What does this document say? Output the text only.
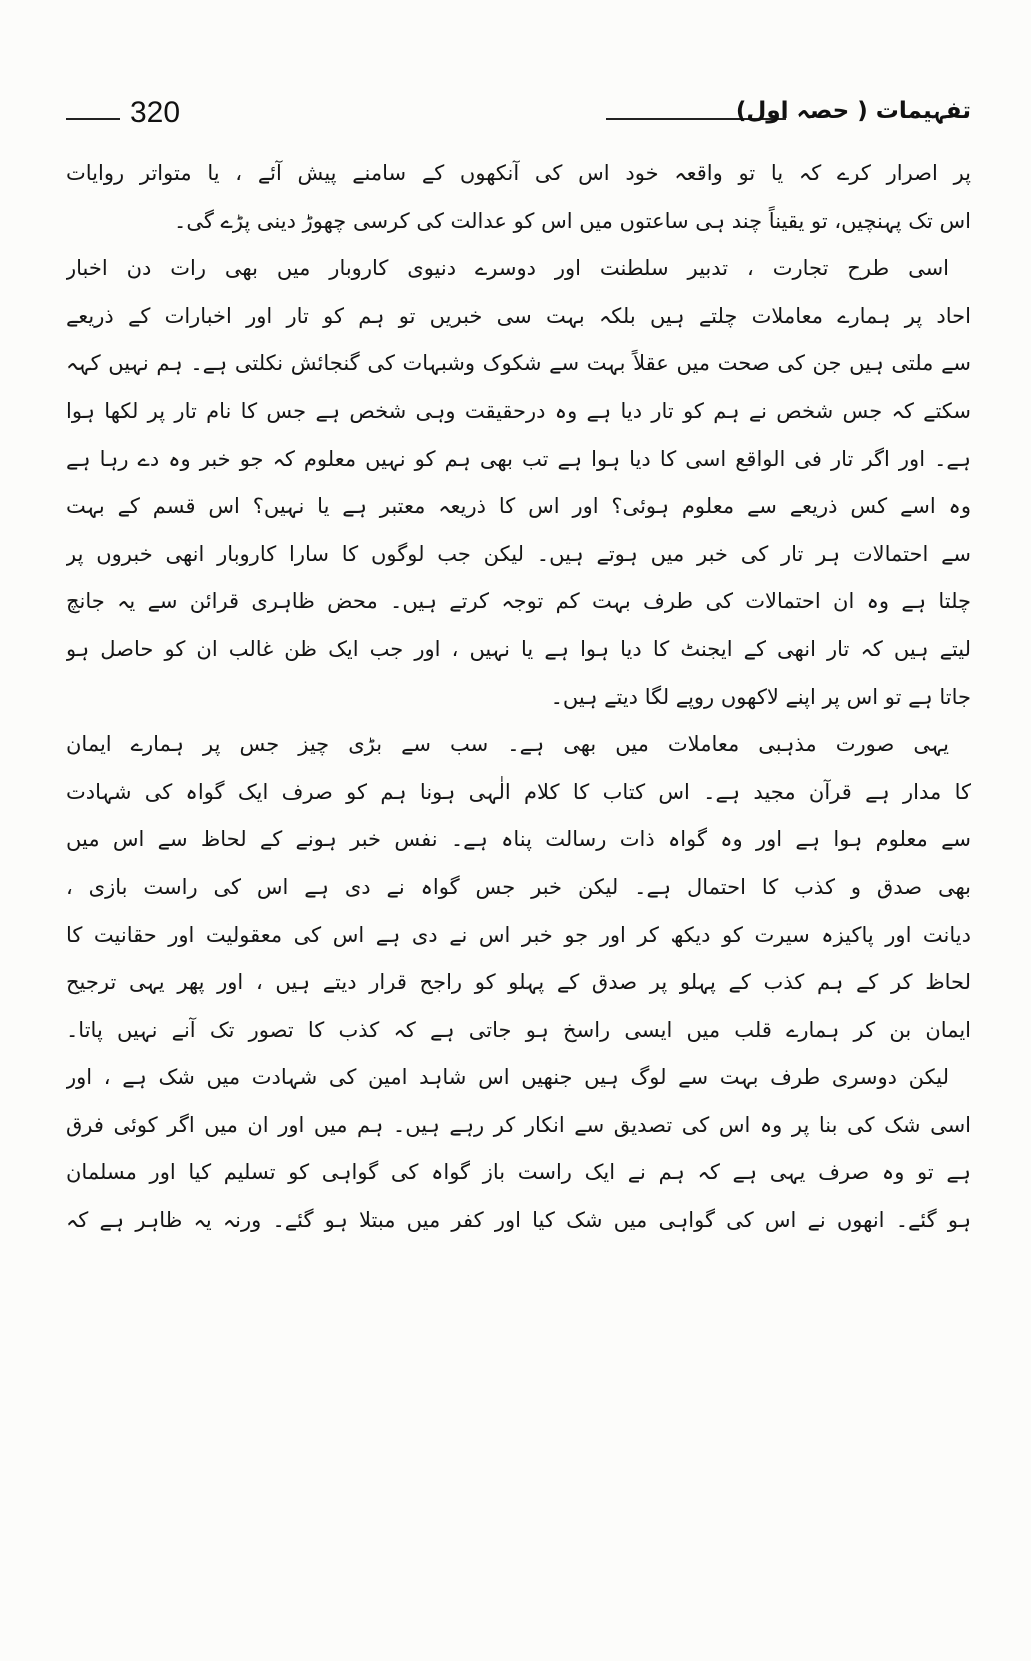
320	تفہیمات ( حصہ اول)
پر اصرار کرے کہ یا تو واقعہ خود اس کی آنکھوں کے سامنے پیش آئے ، یا متواتر روایات
اس تک پہنچیں، تو یقیناً چند ہی ساعتوں میں اس کو عدالت کی کرسی چھوڑ دینی پڑے گی۔
اسی طرح تجارت ، تدبیر سلطنت اور دوسرے دنیوی کاروبار میں بھی رات دن اخبار
احاد پر ہمارے معاملات چلتے ہیں بلکہ بہت سی خبریں تو ہم کو تار اور اخبارات کے ذریعے
سے ملتی ہیں جن کی صحت میں عقلاً بہت سے شکوک وشبہات کی گنجائش نکلتی ہے۔ ہم نہیں کہہ
سکتے کہ جس شخص نے ہم کو تار دیا ہے وہ درحقیقت وہی شخص ہے جس کا نام تار پر لکھا ہوا
ہے۔ اور اگر تار فی الواقع اسی کا دیا ہوا ہے تب بھی ہم کو نہیں معلوم کہ جو خبر وہ دے رہا ہے
وہ اسے کس ذریعے سے معلوم ہوئی؟ اور اس کا ذریعہ معتبر ہے یا نہیں؟ اس قسم کے بہت
سے احتمالات ہر تار کی خبر میں ہوتے ہیں۔ لیکن جب لوگوں کا سارا کاروبار انھی خبروں پر
چلتا ہے وہ ان احتمالات کی طرف بہت کم توجہ کرتے ہیں۔ محض ظاہری قرائن سے یہ جانچ
لیتے ہیں کہ تار انھی کے ایجنٹ کا دیا ہوا ہے یا نہیں ، اور جب ایک ظن غالب ان کو حاصل ہو
جاتا ہے تو اس پر اپنے لاکھوں روپے لگا دیتے ہیں۔
یہی صورت مذہبی معاملات میں بھی ہے۔ سب سے بڑی چیز جس پر ہمارے ایمان
کا مدار ہے قرآن مجید ہے۔ اس کتاب کا کلام الٰہی ہونا ہم کو صرف ایک گواہ کی شہادت
سے معلوم ہوا ہے اور وہ گواہ ذات رسالت پناہ ہے۔ نفس خبر ہونے کے لحاظ سے اس میں
بھی صدق و کذب کا احتمال ہے۔ لیکن خبر جس گواہ نے دی ہے اس کی راست بازی ،
دیانت اور پاکیزہ سیرت کو دیکھ کر اور جو خبر اس نے دی ہے اس کی معقولیت اور حقانیت کا
لحاظ کر کے ہم کذب کے پہلو پر صدق کے پہلو کو راجح قرار دیتے ہیں ، اور پھر یہی ترجیح
ایمان بن کر ہمارے قلب میں ایسی راسخ ہو جاتی ہے کہ کذب کا تصور تک آنے نہیں پاتا۔
لیکن دوسری طرف بہت سے لوگ ہیں جنھیں اس شاہد امین کی شہادت میں شک ہے ، اور
اسی شک کی بنا پر وہ اس کی تصدیق سے انکار کر رہے ہیں۔ ہم میں اور ان میں اگر کوئی فرق
ہے تو وہ صرف یہی ہے کہ ہم نے ایک راست باز گواہ کی گواہی کو تسلیم کیا اور مسلمان
ہو گئے۔ انھوں نے اس کی گواہی میں شک کیا اور کفر میں مبتلا ہو گئے۔ ورنہ یہ ظاہر ہے کہ
